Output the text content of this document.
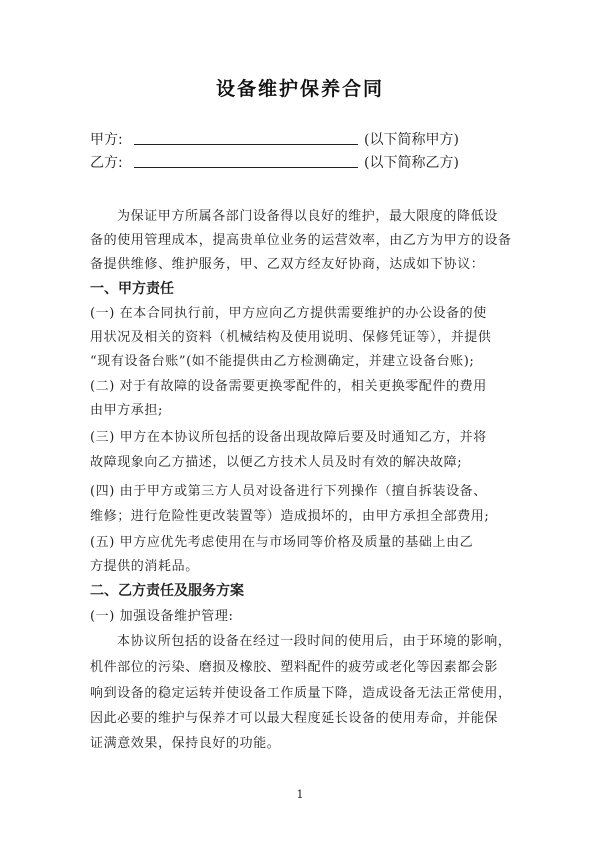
设备维护保养合同
甲方:	(以下简称甲方)
乙方:	(以下简称乙方)
为保证甲方所属各部门设备得以良好的维护，最大限度的降低设
备的使用管理成本，提高贵单位业务的运营效率，由乙方为甲方的设备
备提供维修、维护服务，甲、乙双方经友好协商，达成如下协议：
一、甲方责任
(一) 在本合同执行前，甲方应向乙方提供需要维护的办公设备的使
用状况及相关的资料（机械结构及使用说明、保修凭证等），并提供
“现有设备台账”(如不能提供由乙方检测确定，并建立设备台账);
(二) 对于有故障的设备需要更换零配件的，相关更换零配件的费用
由甲方承担;
(三) 甲方在本协议所包括的设备出现故障后要及时通知乙方，并将
故障现象向乙方描述，以便乙方技术人员及时有效的解决故障;
(四) 由于甲方或第三方人员对设备进行下列操作（擅自拆装设备、
维修；进行危险性更改装置等）造成损坏的，由甲方承担全部费用;
(五) 甲方应优先考虑使用在与市场同等价格及质量的基础上由乙
方提供的消耗品。
二、乙方责任及服务方案
(一) 加强设备维护管理:
本协议所包括的设备在经过一段时间的使用后，由于环境的影响，
机件部位的污染、磨损及橡胶、塑料配件的疲劳或老化等因素都会影
响到设备的稳定运转并使设备工作质量下降，造成设备无法正常使用，
因此必要的维护与保养才可以最大程度延长设备的使用寿命，并能保
证满意效果，保持良好的功能。
1
